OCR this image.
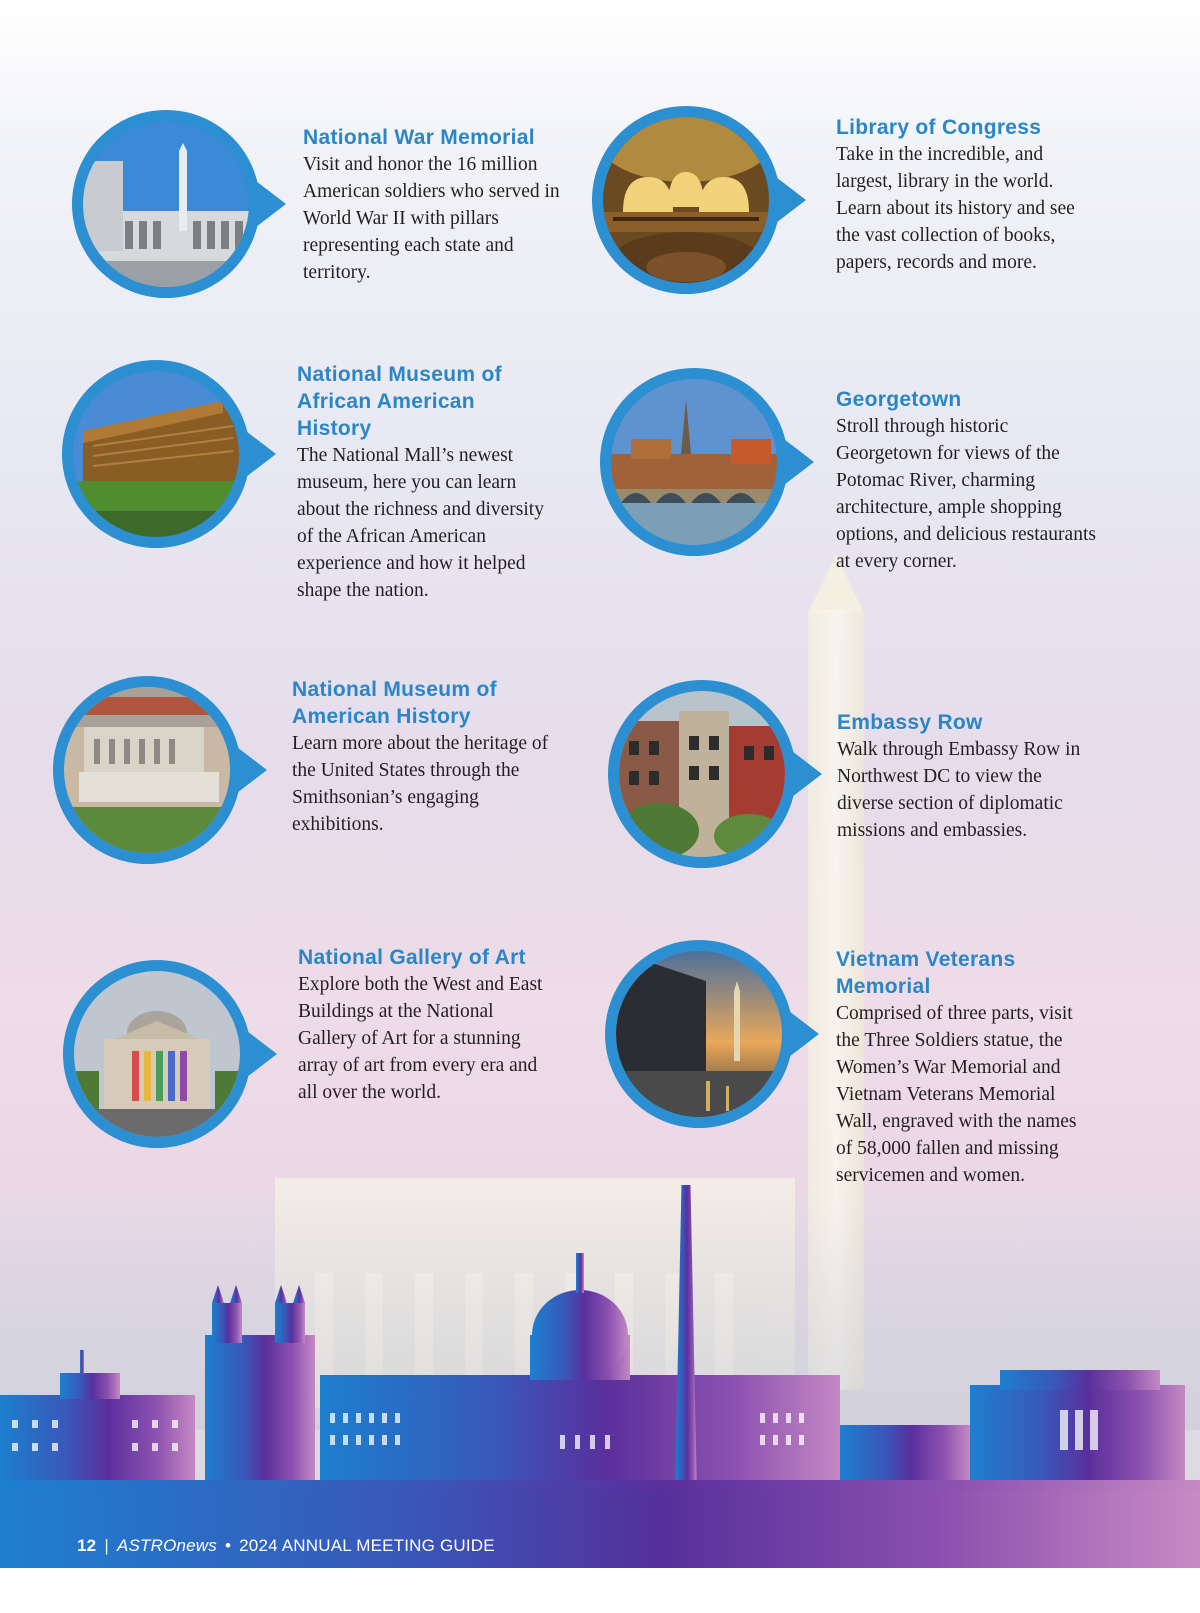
National War Memorial

Visit and honor the 16 million American soldiers who served in World War II with pillars representing each state and territory.

National Museum of African American History

The National Mall’s newest museum, here you can learn about the richness and diversity of the African American experience and how it helped shape the nation.

National Museum of American History

Learn more about the heritage of the United States through the Smithsonian’s engaging exhibitions.

National Gallery of Art

Explore both the West and East Buildings at the National Gallery of Art for a stunning array of art from every era and all over the world.

Library of Congress

Take in the incredible, and largest, library in the world. Learn about its history and see the vast collection of books, papers, records and more.

Georgetown

Stroll through historic Georgetown for views of the Potomac River, charming architecture, ample shopping options, and delicious restaurants at every corner.

Embassy Row

Walk through Embassy Row in Northwest DC to view the diverse section of diplomatic missions and embassies.

Vietnam Veterans Memorial

Comprised of three parts, visit the Three Soldiers statue, the Women’s War Memorial and Vietnam Veterans Memorial Wall, engraved with the names of 58,000 fallen and missing servicemen and women.

12 | ASTROnews • 2024 ANNUAL MEETING GUIDE
